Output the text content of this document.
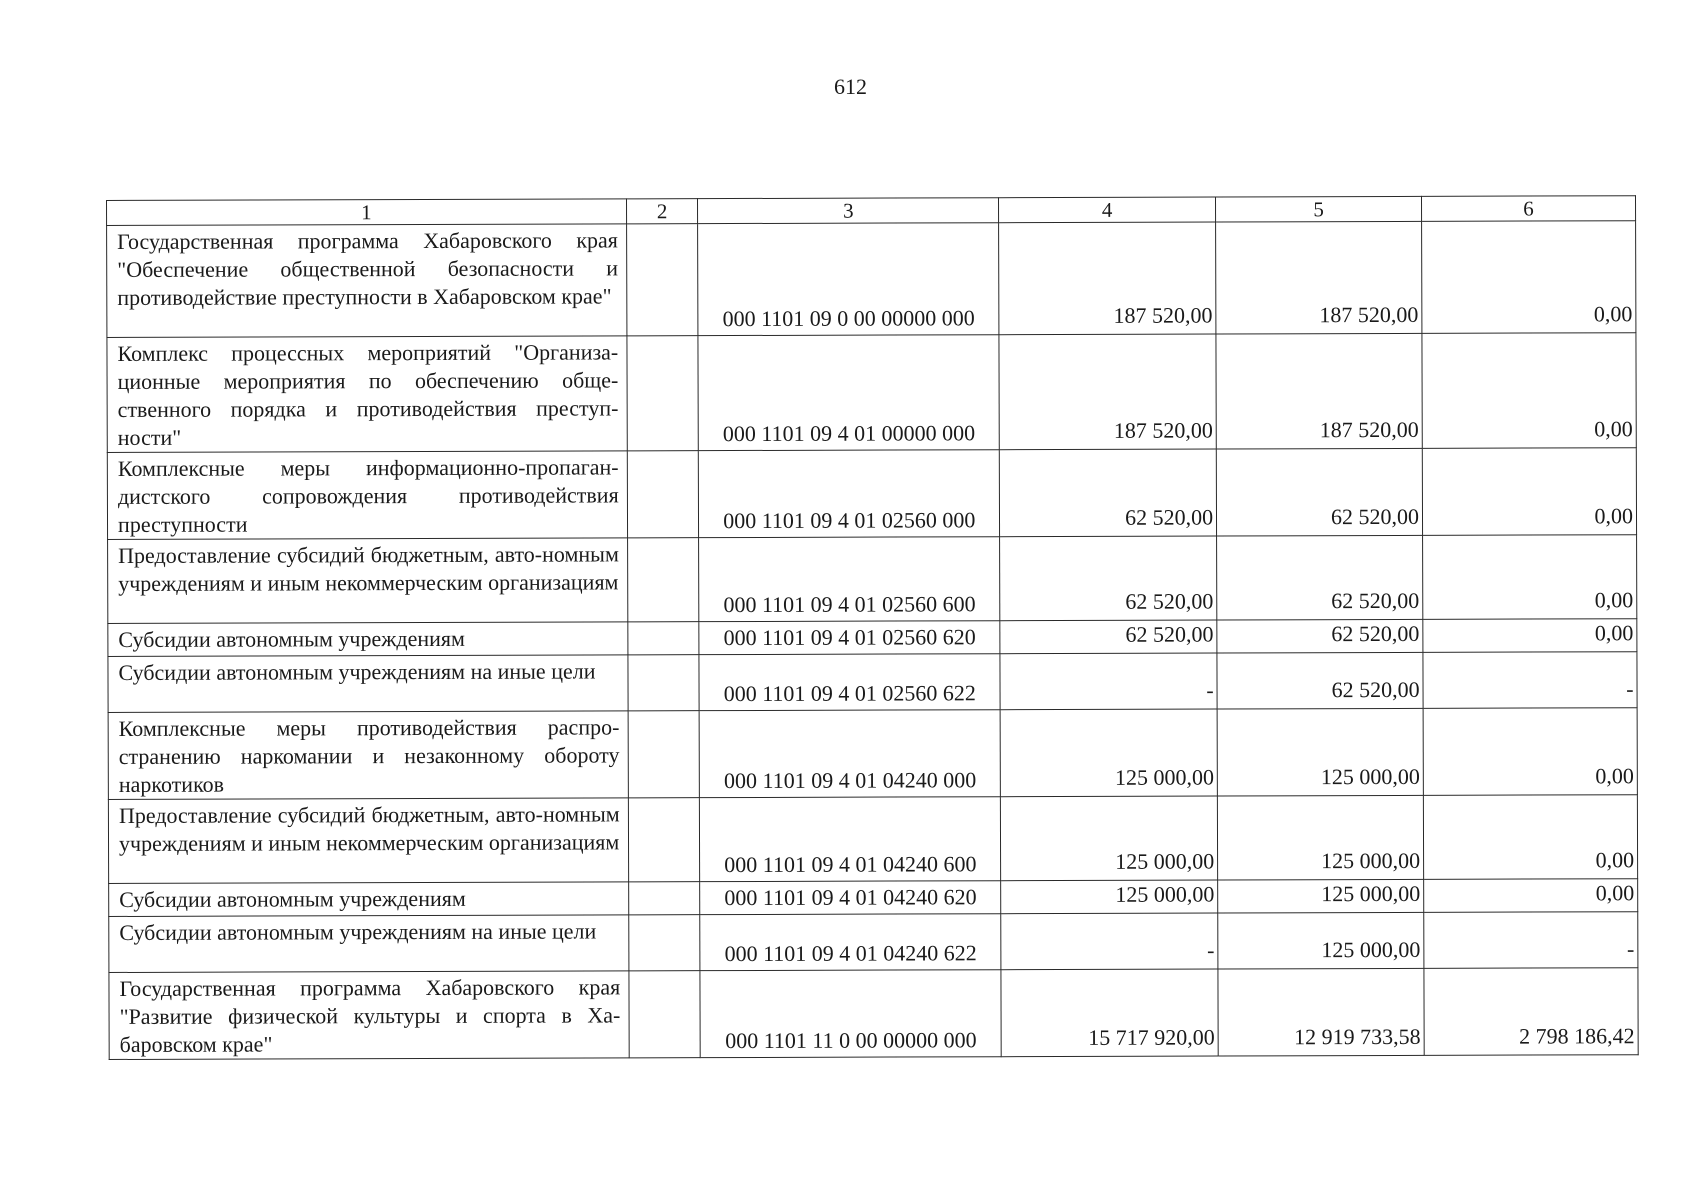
612
1	2	3	4	5	6
Государственная программа Хабаровского края "Обеспечение общественной безопасности и противодействие преступности в Хабаровском крае"		000 1101 09 0 00 00000 000	187 520,00	187 520,00	0,00
Комплекс процессных мероприятий "Организа-ционные мероприятия по обеспечению обще-ственного порядка и противодействия преступ-ности"		000 1101 09 4 01 00000 000	187 520,00	187 520,00	0,00
Комплексные меры информационно-пропаган-дистского сопровождения противодействия преступности		000 1101 09 4 01 02560 000	62 520,00	62 520,00	0,00
Предоставление субсидий бюджетным, авто-номным учреждениям и иным некоммерческим организациям		000 1101 09 4 01 02560 600	62 520,00	62 520,00	0,00
Субсидии автономным учреждениям		000 1101 09 4 01 02560 620	62 520,00	62 520,00	0,00
Субсидии автономным учреждениям на иные цели		000 1101 09 4 01 02560 622	-	62 520,00	-
Комплексные меры противодействия распро-странению наркомании и незаконному обороту наркотиков		000 1101 09 4 01 04240 000	125 000,00	125 000,00	0,00
Предоставление субсидий бюджетным, авто-номным учреждениям и иным некоммерческим организациям		000 1101 09 4 01 04240 600	125 000,00	125 000,00	0,00
Субсидии автономным учреждениям		000 1101 09 4 01 04240 620	125 000,00	125 000,00	0,00
Субсидии автономным учреждениям на иные цели		000 1101 09 4 01 04240 622	-	125 000,00	-
Государственная программа Хабаровского края "Развитие физической культуры и спорта в Ха-баровском крае"		000 1101 11 0 00 00000 000	15 717 920,00	12 919 733,58	2 798 186,42
